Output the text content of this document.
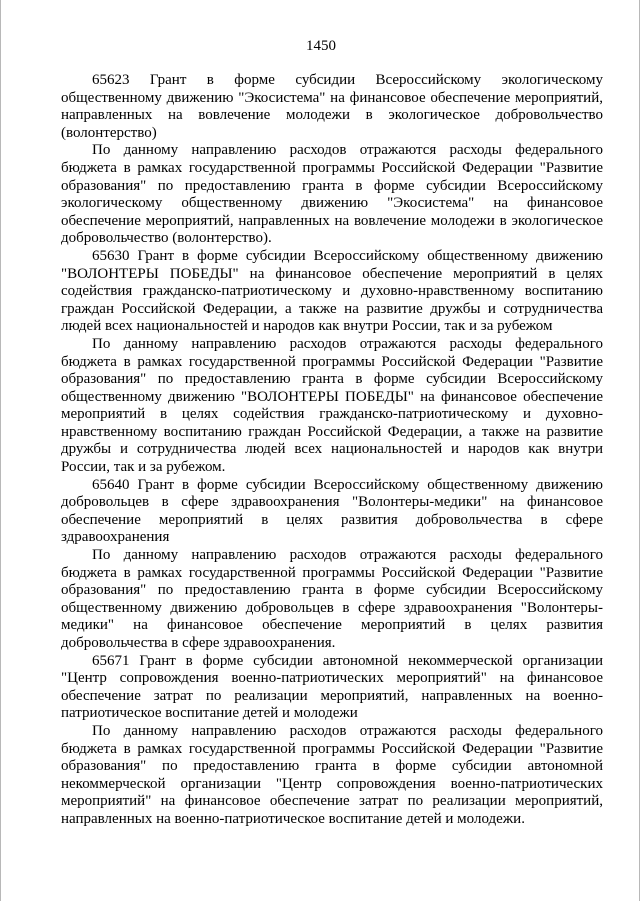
1450

65623 Грант в форме субсидии Всероссийскому экологическому общественному движению "Экосистема" на финансовое обеспечение мероприятий, направленных на вовлечение молодежи в экологическое добровольчество (волонтерство)

По данному направлению расходов отражаются расходы федерального бюджета в рамках государственной программы Российской Федерации "Развитие образования" по предоставлению гранта в форме субсидии Всероссийскому экологическому общественному движению "Экосистема" на финансовое обеспечение мероприятий, направленных на вовлечение молодежи в экологическое добровольчество (волонтерство).

65630 Грант в форме субсидии Всероссийскому общественному движению "ВОЛОНТЕРЫ ПОБЕДЫ" на финансовое обеспечение мероприятий в целях содействия гражданско-патриотическому и духовно-нравственному воспитанию граждан Российской Федерации, а также на развитие дружбы и сотрудничества людей всех национальностей и народов как внутри России, так и за рубежом

По данному направлению расходов отражаются расходы федерального бюджета в рамках государственной программы Российской Федерации "Развитие образования" по предоставлению гранта в форме субсидии Всероссийскому общественному движению "ВОЛОНТЕРЫ ПОБЕДЫ" на финансовое обеспечение мероприятий в целях содействия гражданско-патриотическому и духовно-нравственному воспитанию граждан Российской Федерации, а также на развитие дружбы и сотрудничества людей всех национальностей и народов как внутри России, так и за рубежом.

65640 Грант в форме субсидии Всероссийскому общественному движению добровольцев в сфере здравоохранения "Волонтеры-медики" на финансовое обеспечение мероприятий в целях развития добровольчества в сфере здравоохранения

По данному направлению расходов отражаются расходы федерального бюджета в рамках государственной программы Российской Федерации "Развитие образования" по предоставлению гранта в форме субсидии Всероссийскому общественному движению добровольцев в сфере здравоохранения "Волонтеры-медики" на финансовое обеспечение мероприятий в целях развития добровольчества в сфере здравоохранения.

65671 Грант в форме субсидии автономной некоммерческой организации "Центр сопровождения военно-патриотических мероприятий" на финансовое обеспечение затрат по реализации мероприятий, направленных на военно-патриотическое воспитание детей и молодежи

По данному направлению расходов отражаются расходы федерального бюджета в рамках государственной программы Российской Федерации "Развитие образования" по предоставлению гранта в форме субсидии автономной некоммерческой организации "Центр сопровождения военно-патриотических мероприятий" на финансовое обеспечение затрат по реализации мероприятий, направленных на военно-патриотическое воспитание детей и молодежи.
